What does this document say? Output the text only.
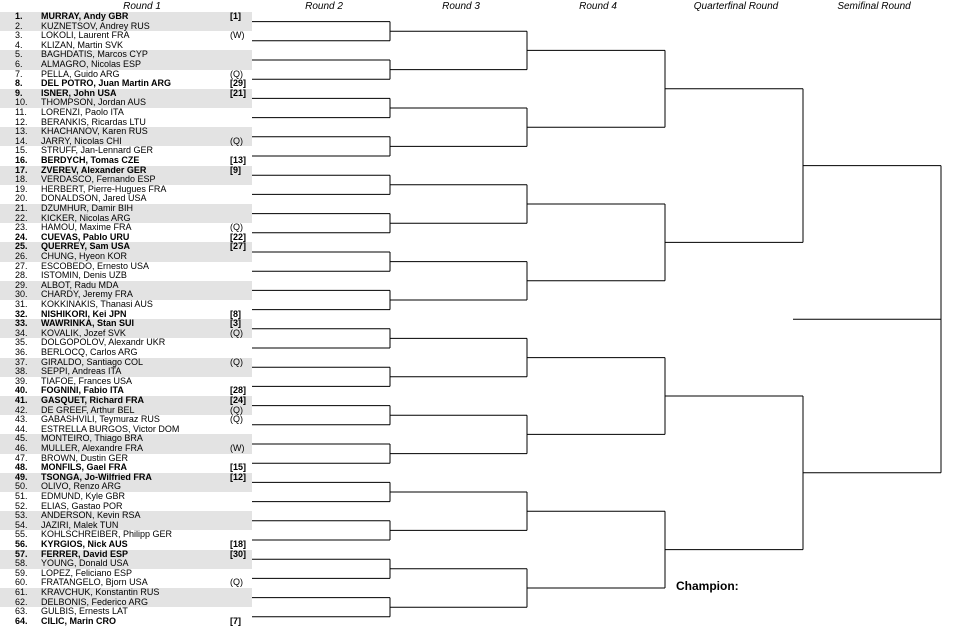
Round 1	Round 2	Round 3	Round 4	Quarterfinal Round	Semifinal Round
1. MURRAY, Andy GBR	[1]
2. KUZNETSOV, Andrey RUS
3. LOKOLI, Laurent FRA	(W)
4. KLIZAN, Martin SVK
5. BAGHDATIS, Marcos CYP
6. ALMAGRO, Nicolas ESP
7. PELLA, Guido ARG	(Q)
8. DEL POTRO, Juan Martin ARG	[29]
9. ISNER, John USA	[21]
10. THOMPSON, Jordan AUS
11. LORENZI, Paolo ITA
12. BERANKIS, Ricardas LTU
13. KHACHANOV, Karen RUS
14. JARRY, Nicolas CHI	(Q)
15. STRUFF, Jan-Lennard GER
16. BERDYCH, Tomas CZE	[13]
17. ZVEREV, Alexander GER	[9]
18. VERDASCO, Fernando ESP
19. HERBERT, Pierre-Hugues FRA
20. DONALDSON, Jared USA
21. DZUMHUR, Damir BIH
22. KICKER, Nicolas ARG
23. HAMOU, Maxime FRA	(Q)
24. CUEVAS, Pablo URU	[22]
25. QUERREY, Sam USA	[27]
26. CHUNG, Hyeon KOR
27. ESCOBEDO, Ernesto USA
28. ISTOMIN, Denis UZB
29. ALBOT, Radu MDA
30. CHARDY, Jeremy FRA
31. KOKKINAKIS, Thanasi AUS
32. NISHIKORI, Kei JPN	[8]
33. WAWRINKA, Stan SUI	[3]
34. KOVALIK, Jozef SVK	(Q)
35. DOLGOPOLOV, Alexandr UKR
36. BERLOCQ, Carlos ARG
37. GIRALDO, Santiago COL	(Q)
38. SEPPI, Andreas ITA
39. TIAFOE, Frances USA
40. FOGNINI, Fabio ITA	[28]
41. GASQUET, Richard FRA	[24]
42. DE GREEF, Arthur BEL	(Q)
43. GABASHVILI, Teymuraz RUS	(Q)
44. ESTRELLA BURGOS, Victor DOM
45. MONTEIRO, Thiago BRA
46. MULLER, Alexandre FRA	(W)
47. BROWN, Dustin GER
48. MONFILS, Gael FRA	[15]
49. TSONGA, Jo-Wilfried FRA	[12]
50. OLIVO, Renzo ARG
51. EDMUND, Kyle GBR
52. ELIAS, Gastao POR
53. ANDERSON, Kevin RSA
54. JAZIRI, Malek TUN
55. KOHLSCHREIBER, Philipp GER
56. KYRGIOS, Nick AUS	[18]
57. FERRER, David ESP	[30]
58. YOUNG, Donald USA
59. LOPEZ, Feliciano ESP
60. FRATANGELO, Bjorn USA	(Q)
61. KRAVCHUK, Konstantin RUS
62. DELBONIS, Federico ARG
63. GULBIS, Ernests LAT
64. CILIC, Marin CRO	[7]
Champion:
